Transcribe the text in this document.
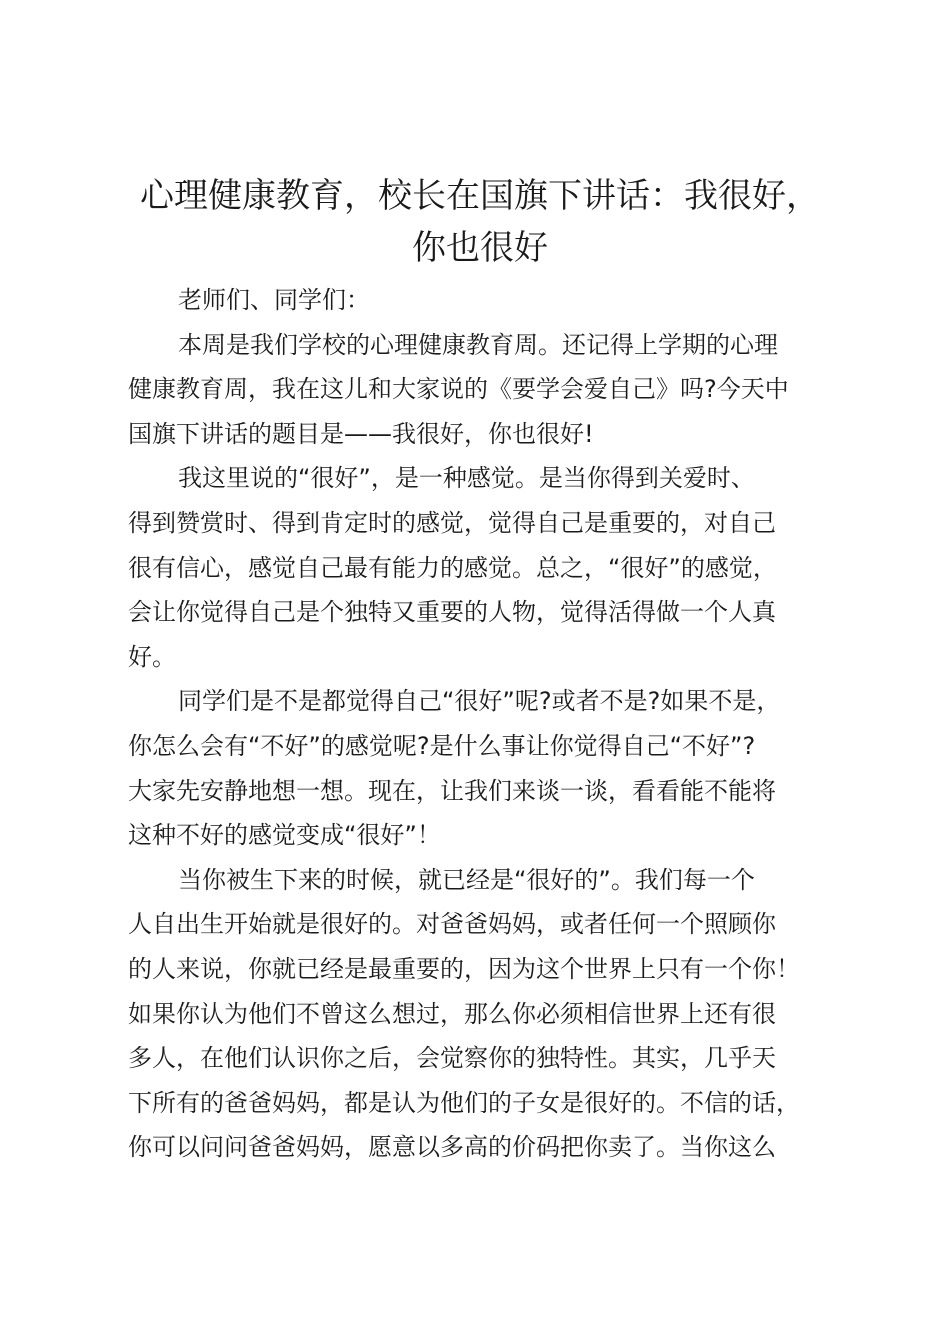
心理健康教育，校长在国旗下讲话：我很好，
你也很好

老师们、同学们：

本周是我们学校的心理健康教育周。还记得上学期的心理
健康教育周，我在这儿和大家说的《要学会爱自己》吗?今天中
国旗下讲话的题目是——我很好，你也很好!

我这里说的“很好”，是一种感觉。是当你得到关爱时、
得到赞赏时、得到肯定时的感觉，觉得自己是重要的，对自己
很有信心，感觉自己最有能力的感觉。总之，“很好”的感觉，
会让你觉得自己是个独特又重要的人物，觉得活得做一个人真
好。

同学们是不是都觉得自己“很好”呢?或者不是?如果不是，
你怎么会有“不好”的感觉呢?是什么事让你觉得自己“不好”?
大家先安静地想一想。现在，让我们来谈一谈，看看能不能将
这种不好的感觉变成“很好”！

当你被生下来的时候，就已经是“很好的”。我们每一个
人自出生开始就是很好的。对爸爸妈妈，或者任何一个照顾你
的人来说，你就已经是最重要的，因为这个世界上只有一个你！
如果你认为他们不曾这么想过，那么你必须相信世界上还有很
多人，在他们认识你之后，会觉察你的独特性。其实，几乎天
下所有的爸爸妈妈，都是认为他们的子女是很好的。不信的话，
你可以问问爸爸妈妈，愿意以多高的价码把你卖了。当你这么
